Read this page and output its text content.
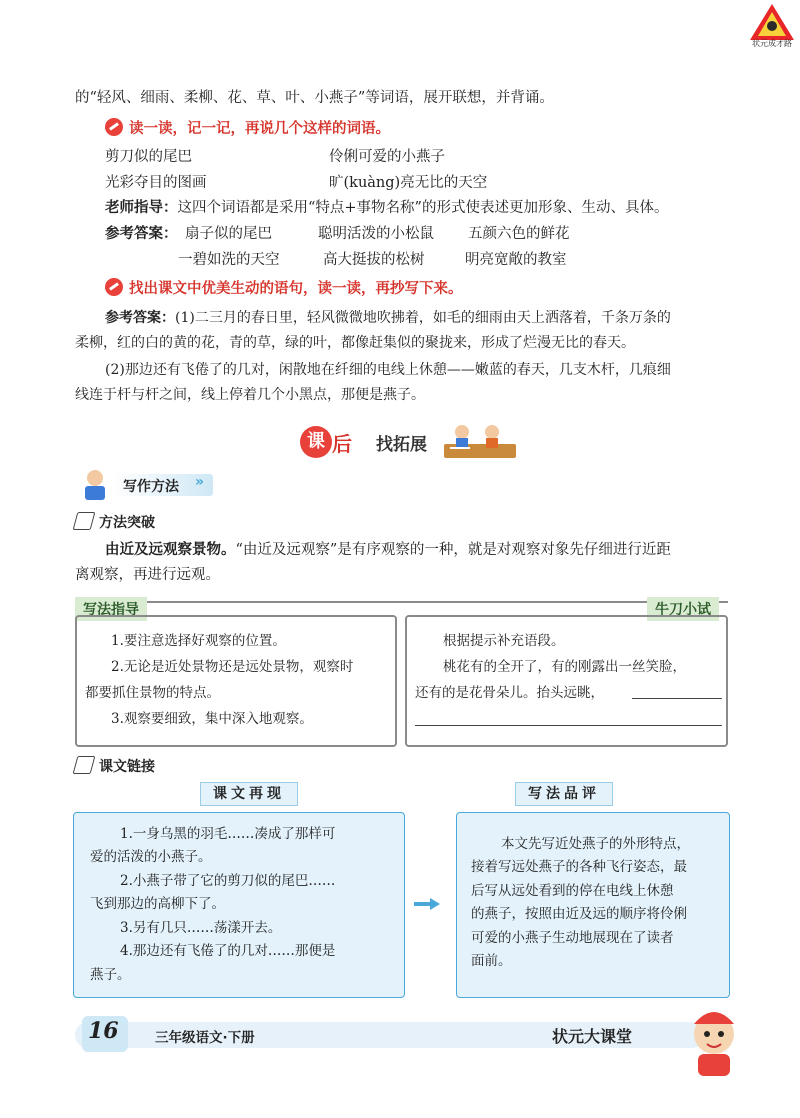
状元成才路
的“轻风、细雨、柔柳、花、草、叶、小燕子”等词语，展开联想，并背诵。
读一读，记一记，再说几个这样的词语。
剪刀似的尾巴	伶俐可爱的小燕子
光彩夺目的图画	旷(kuàng)亮无比的天空
老师指导：这四个词语都是采用“特点+事物名称”的形式使表述更加形象、生动、具体。
参考答案： 扇子似的尾巴	聪明活泼的小松鼠 五颜六色的鲜花
一碧如洗的天空	高大挺拔的松树	明亮宽敞的教室
找出课文中优美生动的语句，读一读，再抄写下来。
参考答案：(1)二三月的春日里，轻风微微地吹拂着，如毛的细雨由天上洒落着，千条万条的
柔柳，红的白的黄的花，青的草，绿的叶，都像赶集似的聚拢来，形成了烂漫无比的春天。
(2)那边还有飞倦了的几对，闲散地在纤细的电线上休憩——嫩蓝的春天，几支木杆，几痕细
线连于杆与杆之间，线上停着几个小黑点，那便是燕子。
课 后 找拓展
写作方法 »
方法突破
由近及远观察景物。“由近及远观察”是有序观察的一种，就是对观察对象先仔细进行近距
离观察，再进行远观。
写法指导	牛刀小试
1.要注意选择好观察的位置。
2.无论是近处景物还是远处景物，观察时
都要抓住景物的特点。
3.观察要细致，集中深入地观察。
根据提示补充语段。
桃花有的全开了，有的刚露出一丝笑脸，
还有的是花骨朵儿。抬头远眺，
课文链接
课文再现	写法品评
1.一身乌黑的羽毛……凑成了那样可
爱的活泼的小燕子。
2.小燕子带了它的剪刀似的尾巴……
飞到那边的高柳下了。
3.另有几只……荡漾开去。
4.那边还有飞倦了的几对……那便是
燕子。
本文先写近处燕子的外形特点，
接着写远处燕子的各种飞行姿态，最
后写从远处看到的停在电线上休憩
的燕子，按照由近及远的顺序将伶俐
可爱的小燕子生动地展现在了读者
面前。
16	三年级语文·下册	状元大课堂
